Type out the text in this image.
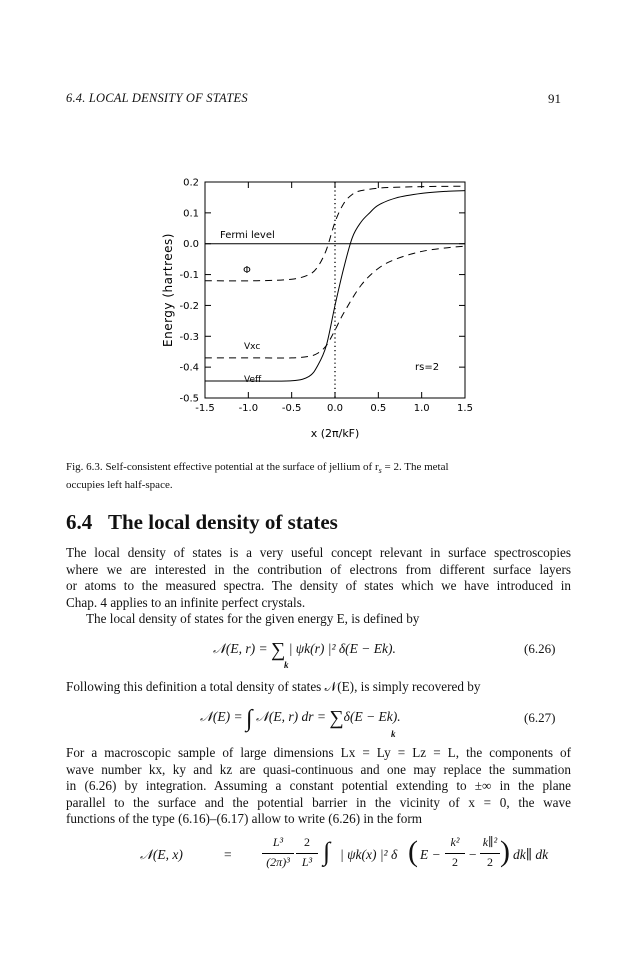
6.4. LOCAL DENSITY OF STATES	91
-1.5 -1.0 -0.5	0.0	0.5	1.0	1.5
0.2
0.1
0.0
-0.1
-0.2
-0.3
-0.4
-0.5
Energy (hartrees)
x (2π/kF)
Fermi level
Φ
Vxc
Veff
rs=2
Fig. 6.3. Self-consistent effective potential at the surface of jellium of $r_s = 2$. The metal
occupies left half-space.
6.4 The local density of states
The local density of states is a very useful concept relevant in surface spectroscopies
where we are interested in the contribution of electrons from different surface layers
or atoms to the measured spectra. The density of states which we have introduced in
Chap. 4 applies to an infinite perfect crystals.
The local density of states for the given energy E, is defined by
𝒩(E, r) = ∑ | ψk(r) |² δ(E − Ek).
k
(6.26)
Following this definition a total density of states 𝒩(E), is simply recovered by
𝒩(E) = ∫ 𝒩(E, r) dr = ∑δ(E − Ek).
k
(6.27)
For a macroscopic sample of large dimensions Lx = Ly = Lz = L, the components of
wave number kx, ky and kz are quasi-continuous and one may replace the summation
in (6.26) by integration. Assuming a constant potential extending to ±∞ in the plane
parallel to the surface and the potential barrier in the vicinity of x = 0, the wave
functions of the type (6.16)–(6.17) allow to write (6.26) in the form
𝒩(E, x)	=
L³
(2π)³
2
L³ ∫ | ψk(x) |² δ ( E −
k²
2 −
k∥²
2 ) dk∥ dk
